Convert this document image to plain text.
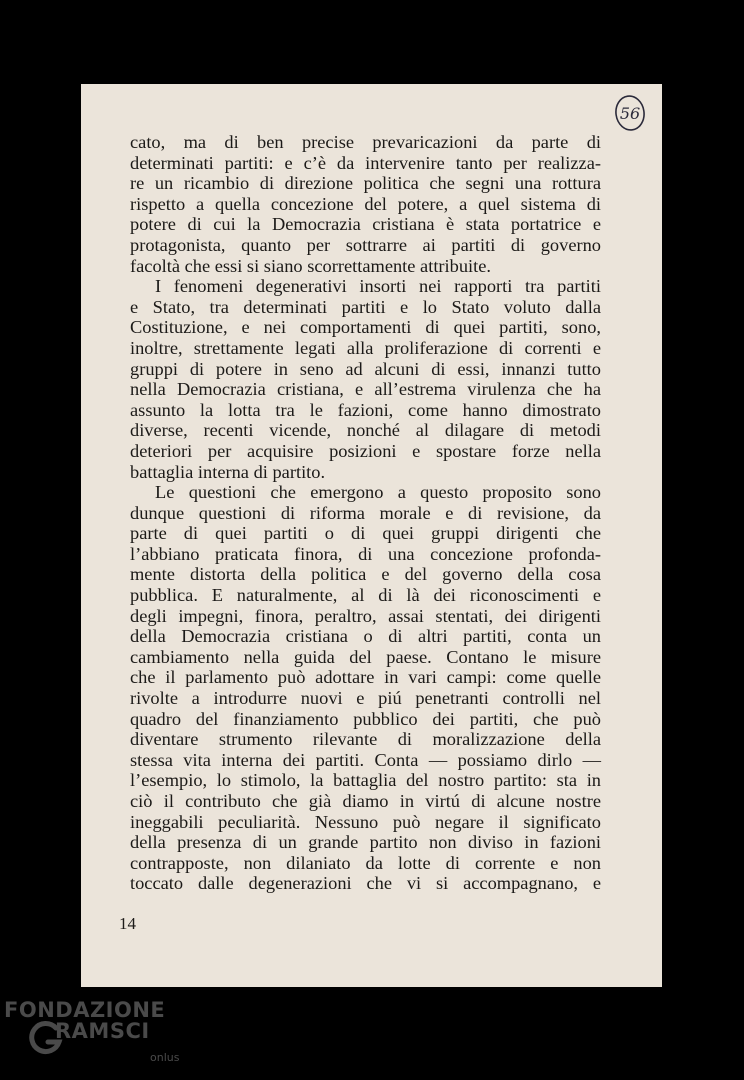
56
cato, ma di ben precise prevaricazioni da parte di
determinati partiti: e c’è da intervenire tanto per realizza-
re un ricambio di direzione politica che segni una rottura
rispetto a quella concezione del potere, a quel sistema di
potere di cui la Democrazia cristiana è stata portatrice e
protagonista, quanto per sottrarre ai partiti di governo
facoltà che essi si siano scorrettamente attribuite.
I fenomeni degenerativi insorti nei rapporti tra partiti
e Stato, tra determinati partiti e lo Stato voluto dalla
Costituzione, e nei comportamenti di quei partiti, sono,
inoltre, strettamente legati alla proliferazione di correnti e
gruppi di potere in seno ad alcuni di essi, innanzi tutto
nella Democrazia cristiana, e all’estrema virulenza che ha
assunto la lotta tra le fazioni, come hanno dimostrato
diverse, recenti vicende, nonché al dilagare di metodi
deteriori per acquisire posizioni e spostare forze nella
battaglia interna di partito.
Le questioni che emergono a questo proposito sono
dunque questioni di riforma morale e di revisione, da
parte di quei partiti o di quei gruppi dirigenti che
l’abbiano praticata finora, di una concezione profonda-
mente distorta della politica e del governo della cosa
pubblica. E naturalmente, al di là dei riconoscimenti e
degli impegni, finora, peraltro, assai stentati, dei dirigenti
della Democrazia cristiana o di altri partiti, conta un
cambiamento nella guida del paese. Contano le misure
che il parlamento può adottare in vari campi: come quelle
rivolte a introdurre nuovi e piú penetranti controlli nel
quadro del finanziamento pubblico dei partiti, che può
diventare strumento rilevante di moralizzazione della
stessa vita interna dei partiti. Conta — possiamo dirlo —
l’esempio, lo stimolo, la battaglia del nostro partito: sta in
ciò il contributo che già diamo in virtú di alcune nostre
ineggabili peculiarità. Nessuno può negare il significato
della presenza di un grande partito non diviso in fazioni
contrapposte, non dilaniato da lotte di corrente e non
toccato dalle degenerazioni che vi si accompagnano, e
14
FONDAZIONE
RAMSCI
onlus
